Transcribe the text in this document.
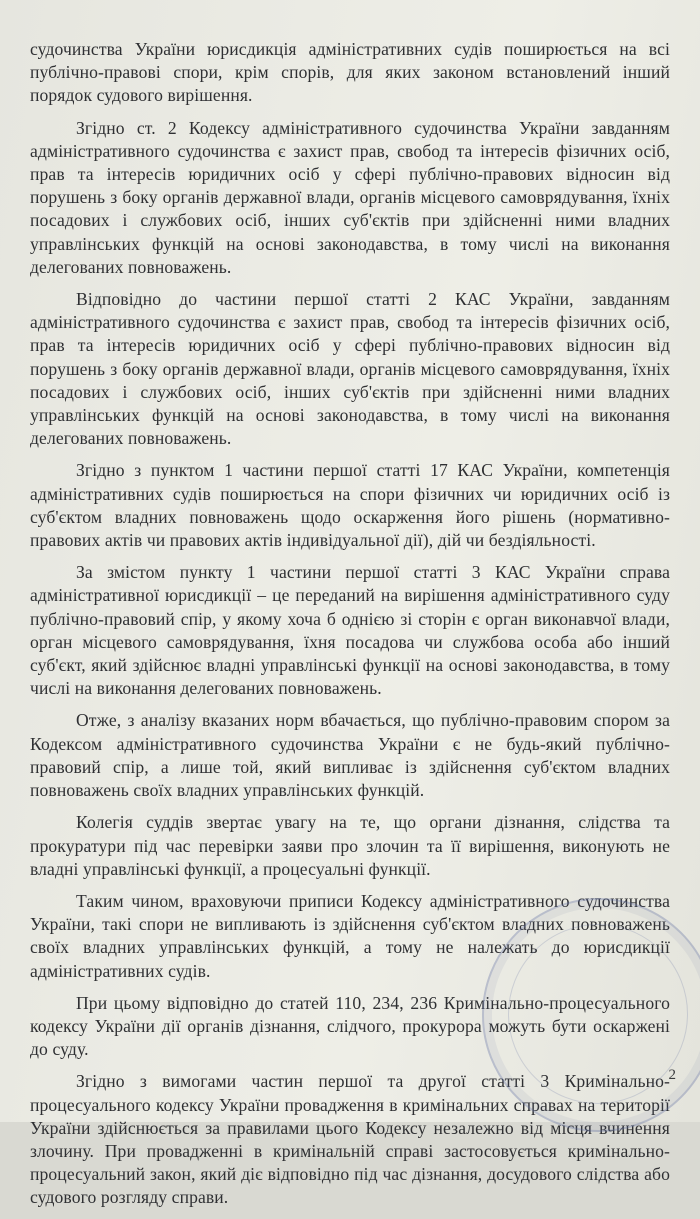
судочинства України юрисдикція адміністративних судів поширюється на всі публічно-правові спори, крім спорів, для яких законом встановлений інший порядок судового вирішення.

Згідно ст. 2 Кодексу адміністративного судочинства України завданням адміністративного судочинства є захист прав, свобод та інтересів фізичних осіб, прав та інтересів юридичних осіб у сфері публічно-правових відносин від порушень з боку органів державної влади, органів місцевого самоврядування, їхніх посадових і службових осіб, інших суб'єктів при здійсненні ними владних управлінських функцій на основі законодавства, в тому числі на виконання делегованих повноважень.

Відповідно до частини першої статті 2 КАС України, завданням адміністративного судочинства є захист прав, свобод та інтересів фізичних осіб, прав та інтересів юридичних осіб у сфері публічно-правових відносин від порушень з боку органів державної влади, органів місцевого самоврядування, їхніх посадових і службових осіб, інших суб'єктів при здійсненні ними владних управлінських функцій на основі законодавства, в тому числі на виконання делегованих повноважень.

Згідно з пунктом 1 частини першої статті 17 КАС України, компетенція адміністративних судів поширюється на спори фізичних чи юридичних осіб із суб'єктом владних повноважень щодо оскарження його рішень (нормативно-правових актів чи правових актів індивідуальної дії), дій чи бездіяльності.

За змістом пункту 1 частини першої статті 3 КАС України справа адміністративної юрисдикції – це переданий на вирішення адміністративного суду публічно-правовий спір, у якому хоча б однією зі сторін є орган виконавчої влади, орган місцевого самоврядування, їхня посадова чи службова особа або інший суб'єкт, який здійснює владні управлінські функції на основі законодавства, в тому числі на виконання делегованих повноважень.

Отже, з аналізу вказаних норм вбачається, що публічно-правовим спором за Кодексом адміністративного судочинства України є не будь-який публічно-правовий спір, а лише той, який випливає із здійснення суб'єктом владних повноважень своїх владних управлінських функцій.

Колегія суддів звертає увагу на те, що органи дізнання, слідства та прокуратури під час перевірки заяви про злочин та її вирішення, виконують не владні управлінські функції, а процесуальні функції.

Таким чином, враховуючи приписи Кодексу адміністративного судочинства України, такі спори не випливають із здійснення суб'єктом владних повноважень своїх владних управлінських функцій, а тому не належать до юрисдикції адміністративних судів.

При цьому відповідно до статей 110, 234, 236 Кримінально-процесуального кодексу України дії органів дізнання, слідчого, прокурора можуть бути оскаржені до суду.

Згідно з вимогами частин першої та другої статті 3 Кримінально-процесуального кодексу України провадження в кримінальних справах на території України здійснюється за правилами цього Кодексу незалежно від місця вчинення злочину. При провадженні в кримінальній справі застосовується кримінально-процесуальний закон, який діє відповідно під час дізнання, досудового слідства або судового розгляду справи.

2
